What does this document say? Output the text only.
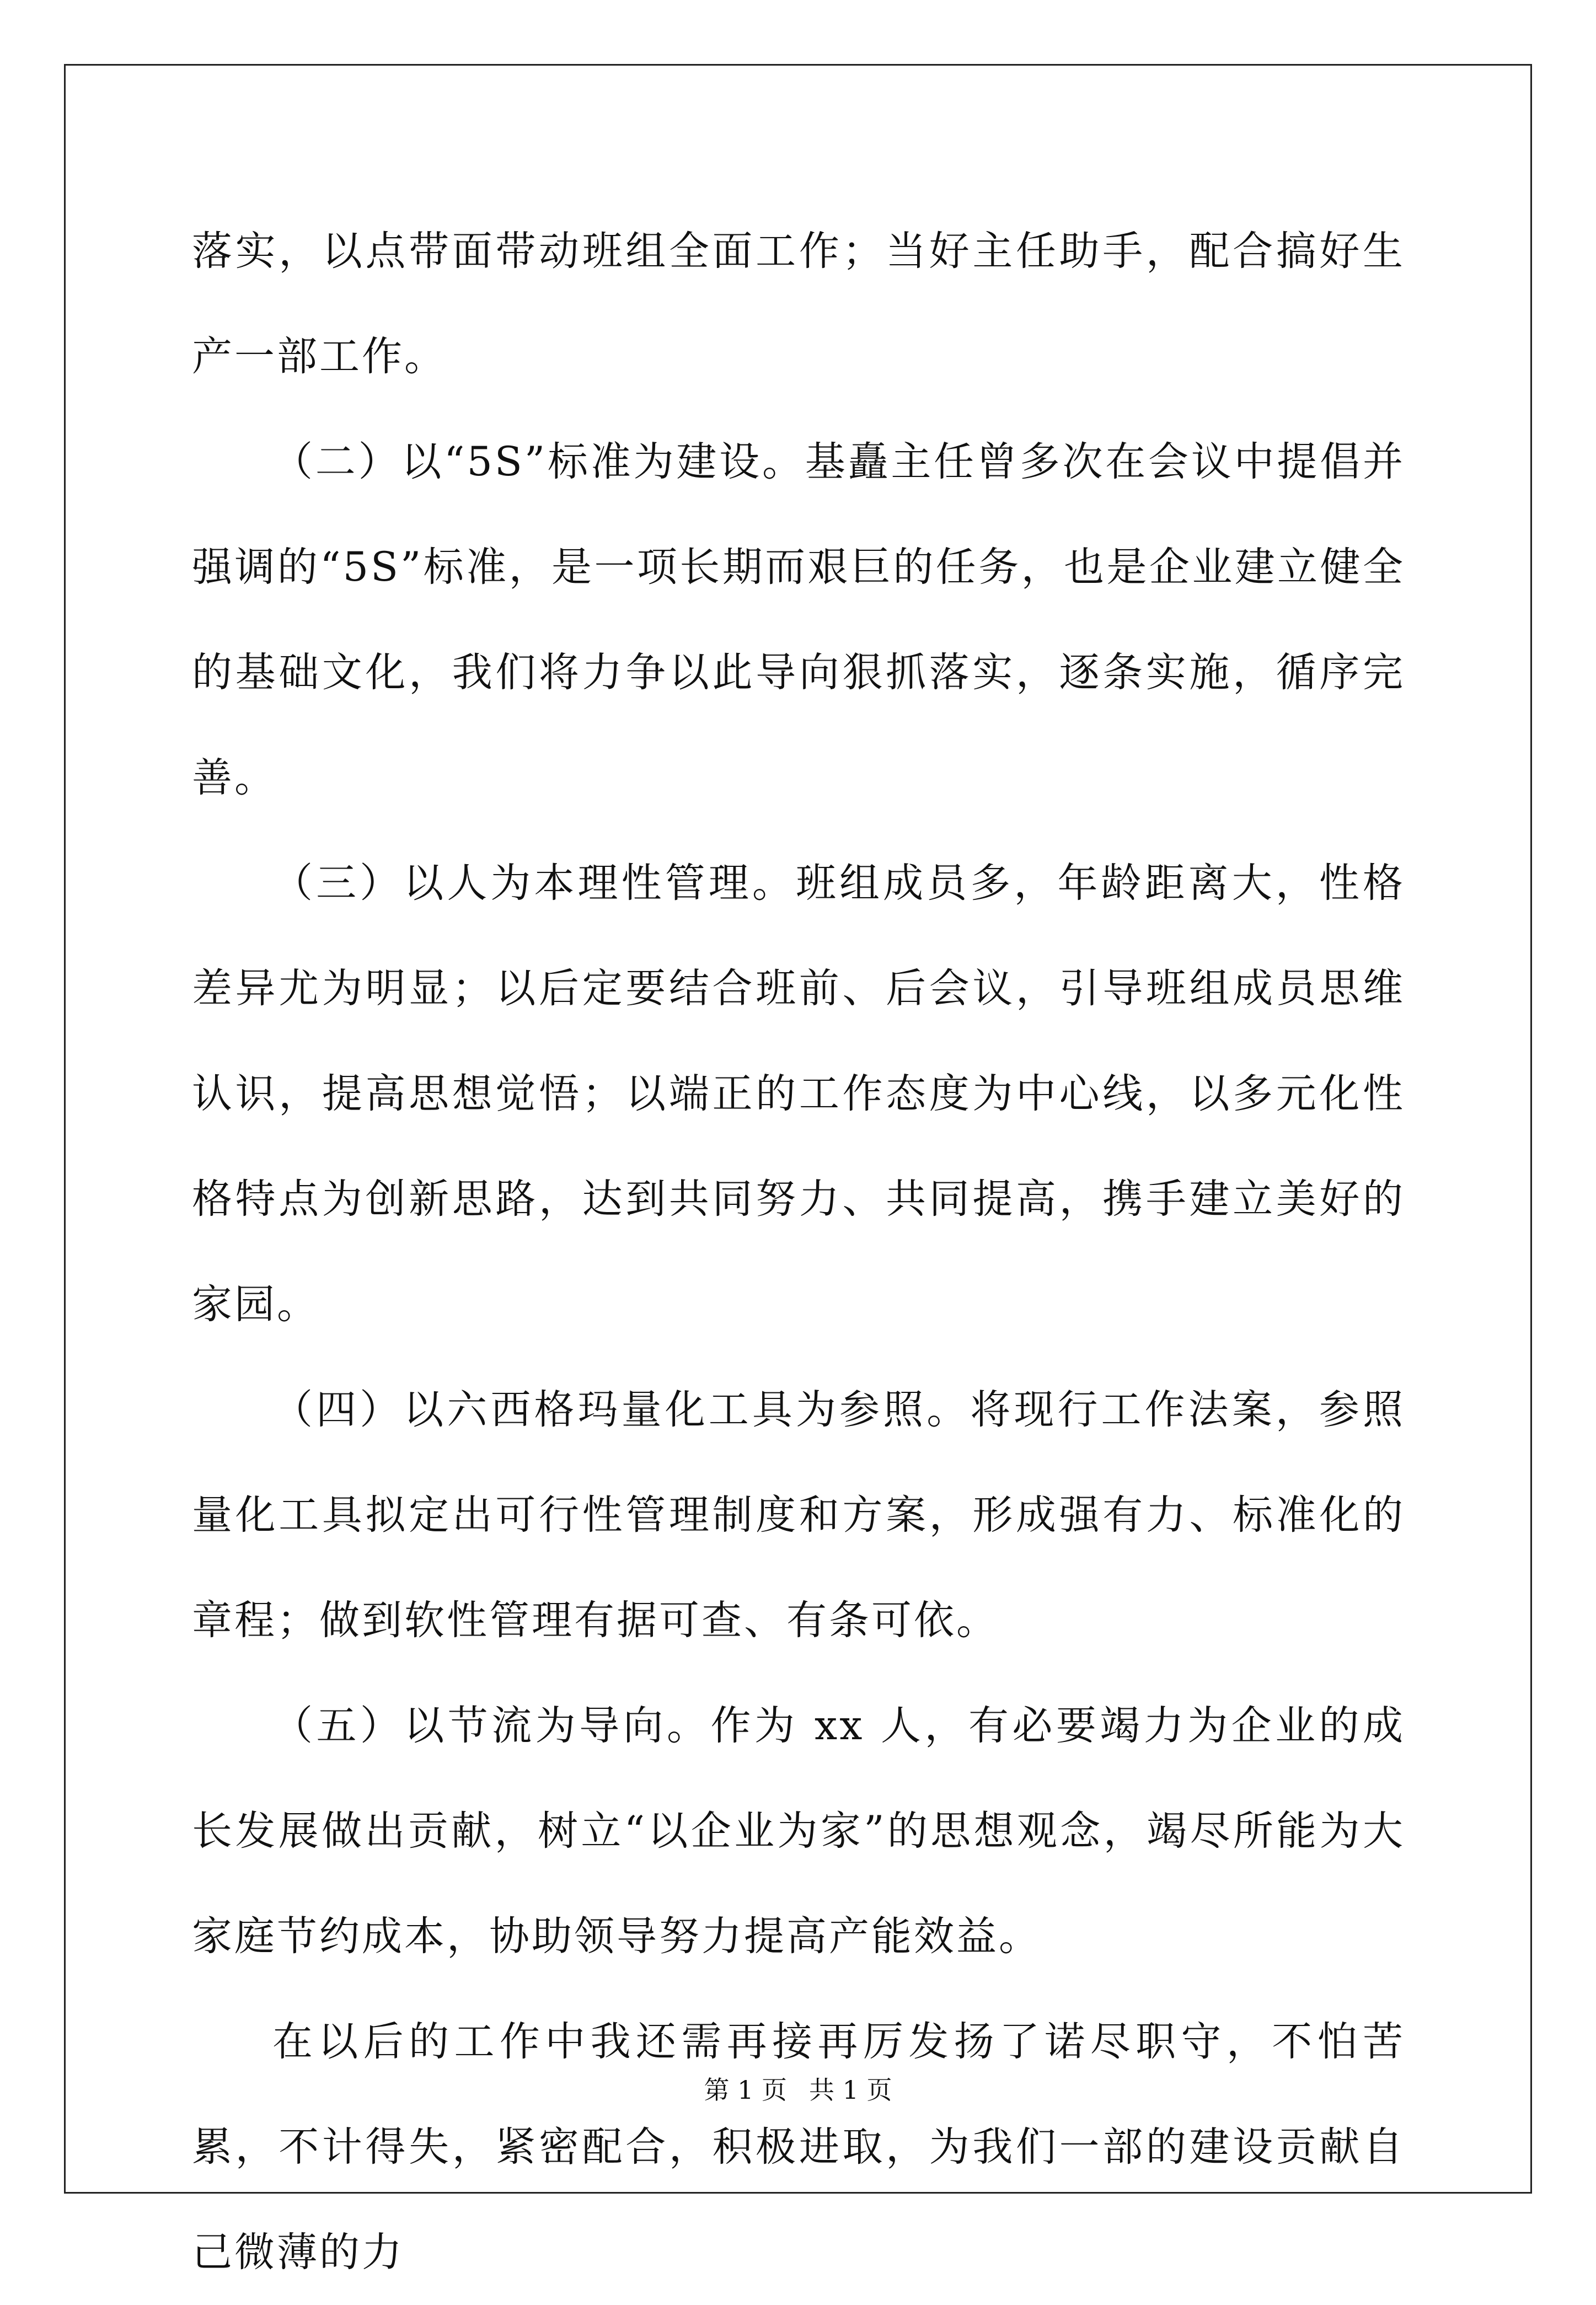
落实，以点带面带动班组全面工作；当好主任助手，配合搞好生产一部工作。

（二）以“5S”标准为建设。基矗主任曾多次在会议中提倡并强调的“5S”标准，是一项长期而艰巨的任务，也是企业建立健全的基础文化，我们将力争以此导向狠抓落实，逐条实施，循序完善。

（三）以人为本理性管理。班组成员多，年龄距离大，性格差异尤为明显；以后定要结合班前、后会议，引导班组成员思维认识，提高思想觉悟；以端正的工作态度为中心线，以多元化性格特点为创新思路，达到共同努力、共同提高，携手建立美好的家园。

（四）以六西格玛量化工具为参照。将现行工作法案，参照量化工具拟定出可行性管理制度和方案，形成强有力、标准化的章程；做到软性管理有据可查、有条可依。

（五）以节流为导向。作为 xx 人，有必要竭力为企业的成长发展做出贡献，树立“以企业为家”的思想观念，竭尽所能为大家庭节约成本，协助领导努力提高产能效益。

在以后的工作中我还需再接再厉发扬了诺尽职守，不怕苦累，不计得失，紧密配合，积极进取，为我们一部的建设贡献自己微薄的力

第 1 页 共 1 页
